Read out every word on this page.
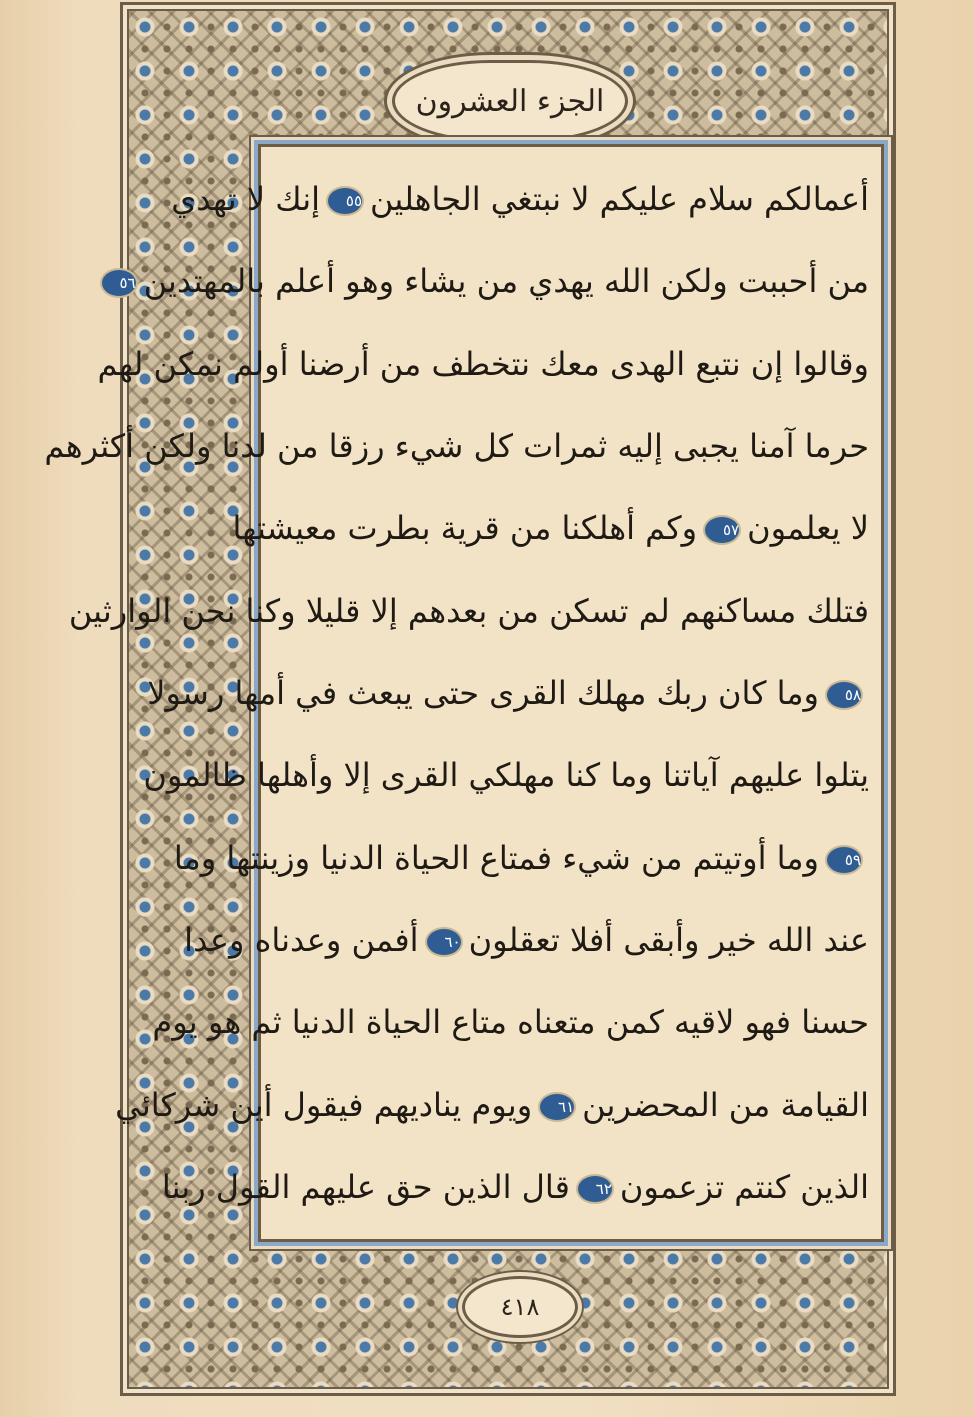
الجزء العشرون
أعمالكم سلام عليكم لا نبتغي الجاهلين٥٥إنك لا تهدي
من أحببت ولكن الله يهدي من يشاء وهو أعلم بالمهتدين٥٦
وقالوا إن نتبع الهدى معك نتخطف من أرضنا أولم نمكن لهم
حرما آمنا يجبى إليه ثمرات كل شيء رزقا من لدنا ولكن أكثرهم
لا يعلمون٥٧وكم أهلكنا من قرية بطرت معيشتها
فتلك مساكنهم لم تسكن من بعدهم إلا قليلا وكنا نحن الوارثين
٥٨وما كان ربك مهلك القرى حتى يبعث في أمها رسولا
يتلوا عليهم آياتنا وما كنا مهلكي القرى إلا وأهلها ظالمون
٥٩وما أوتيتم من شيء فمتاع الحياة الدنيا وزينتها وما
عند الله خير وأبقى أفلا تعقلون٦٠أفمن وعدناه وعدا
حسنا فهو لاقيه كمن متعناه متاع الحياة الدنيا ثم هو يوم
القيامة من المحضرين٦١ويوم يناديهم فيقول أين شركائي
الذين كنتم تزعمون٦٢قال الذين حق عليهم القول ربنا
٤١٨
